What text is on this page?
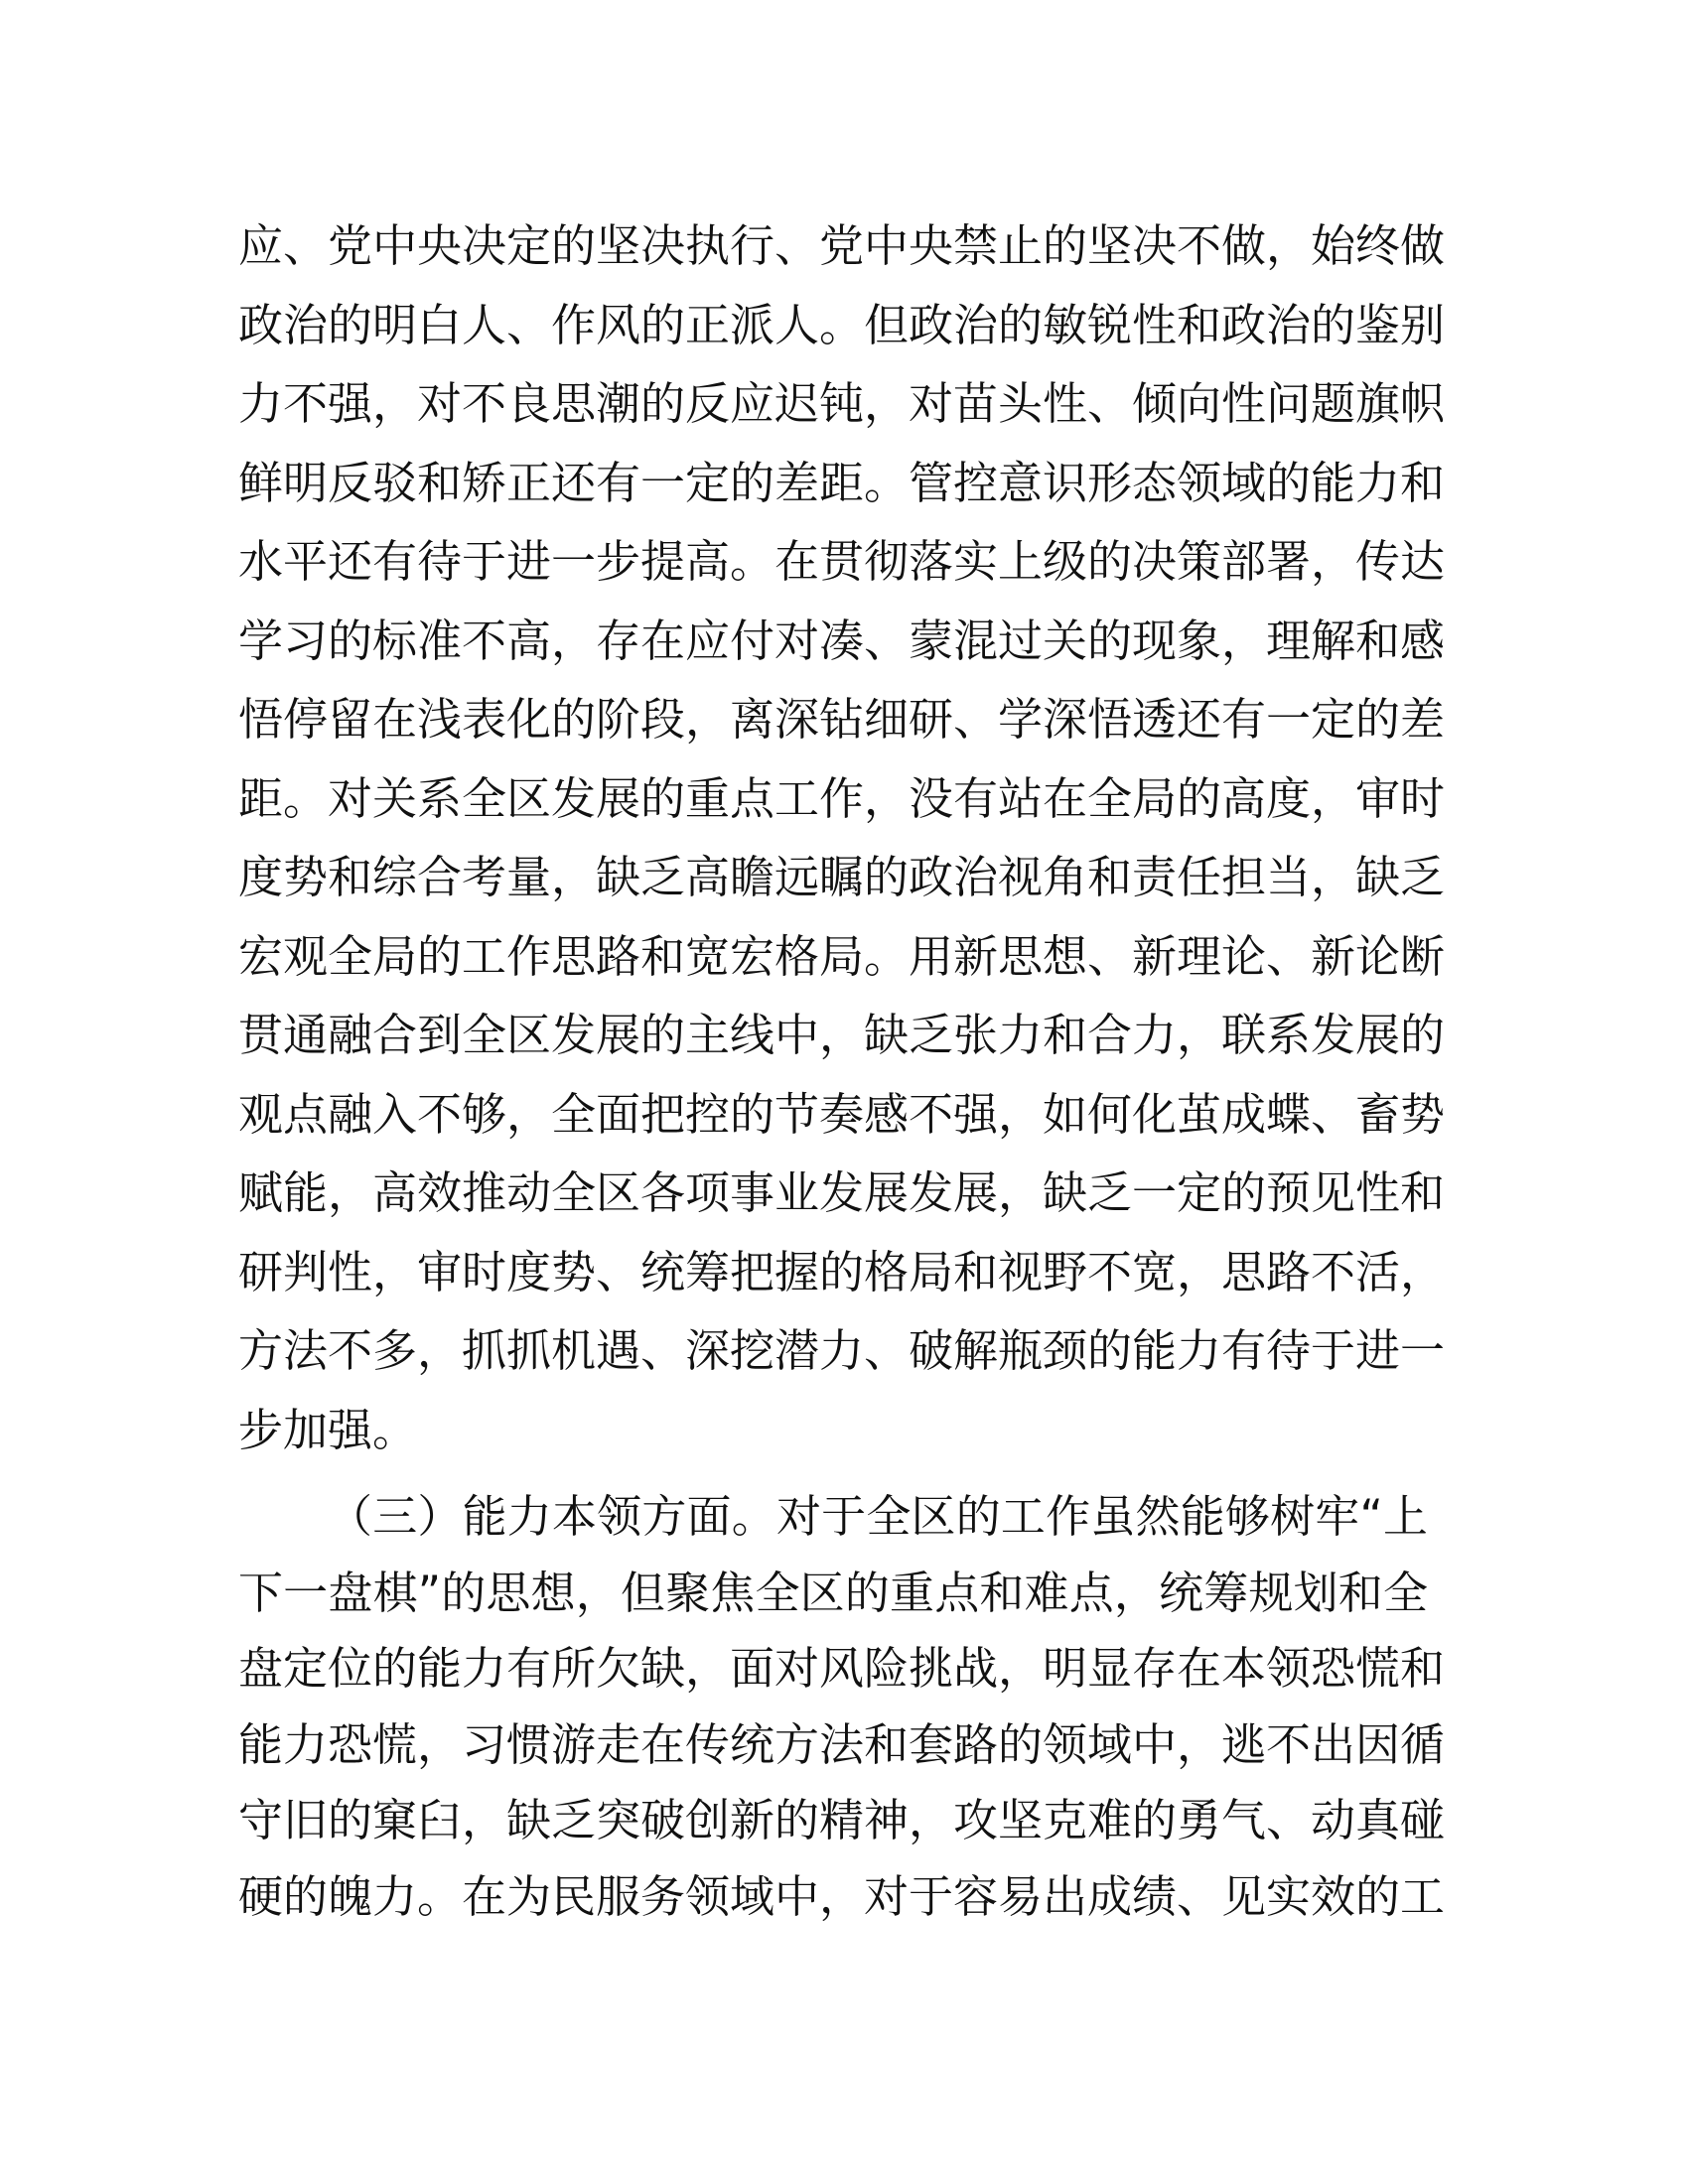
应、党中央决定的坚决执行、党中央禁止的坚决不做，始终做
政治的明白人、作风的正派人。但政治的敏锐性和政治的鉴别
力不强，对不良思潮的反应迟钝，对苗头性、倾向性问题旗帜
鲜明反驳和矫正还有一定的差距。管控意识形态领域的能力和
水平还有待于进一步提高。在贯彻落实上级的决策部署，传达
学习的标准不高，存在应付对凑、蒙混过关的现象，理解和感
悟停留在浅表化的阶段，离深钻细研、学深悟透还有一定的差
距。对关系全区发展的重点工作，没有站在全局的高度，审时
度势和综合考量，缺乏高瞻远瞩的政治视角和责任担当，缺乏
宏观全局的工作思路和宽宏格局。用新思想、新理论、新论断
贯通融合到全区发展的主线中，缺乏张力和合力，联系发展的
观点融入不够，全面把控的节奏感不强，如何化茧成蝶、畜势
赋能，高效推动全区各项事业发展发展，缺乏一定的预见性和
研判性，审时度势、统筹把握的格局和视野不宽，思路不活，
方法不多，抓抓机遇、深挖潜力、破解瓶颈的能力有待于进一
步加强。
（三）能力本领方面。对于全区的工作虽然能够树牢“上
下一盘棋”的思想，但聚焦全区的重点和难点，统筹规划和全
盘定位的能力有所欠缺，面对风险挑战，明显存在本领恐慌和
能力恐慌，习惯游走在传统方法和套路的领域中，逃不出因循
守旧的窠臼，缺乏突破创新的精神，攻坚克难的勇气、动真碰
硬的魄力。在为民服务领域中，对于容易出成绩、见实效的工
